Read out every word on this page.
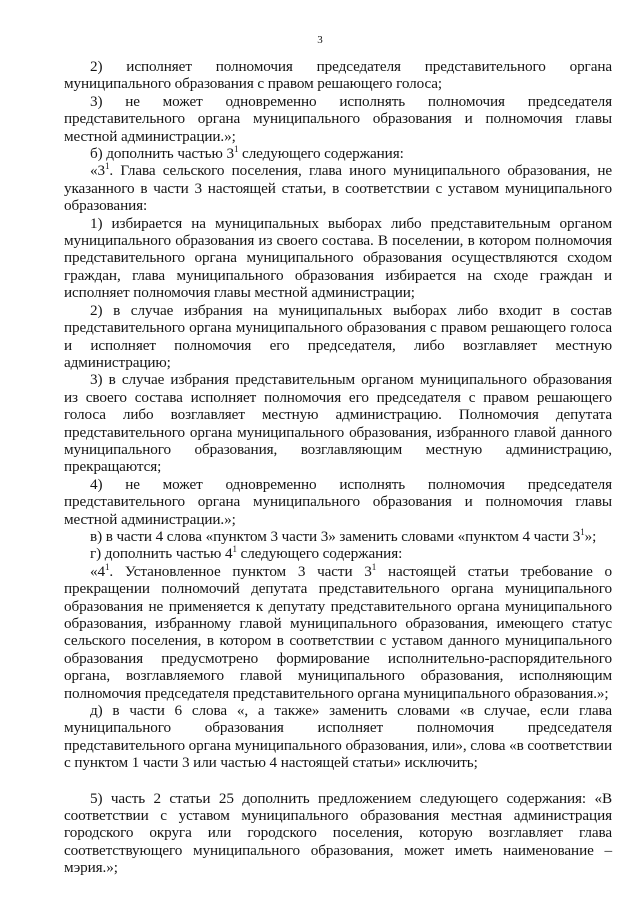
3

2) исполняет полномочия председателя представительного органа муниципального образования с правом решающего голоса;

3) не может одновременно исполнять полномочия председателя представительного органа муниципального образования и полномочия главы местной администрации.»;

б) дополнить частью $3^1$ следующего содержания:

«$3^1$. Глава сельского поселения, глава иного муниципального образования, не указанного в части 3 настоящей статьи, в соответствии с уставом муниципального образования:

1) избирается на муниципальных выборах либо представительным органом муниципального образования из своего состава. В поселении, в котором полномочия представительного органа муниципального образования осуществляются сходом граждан, глава муниципального образования избирается на сходе граждан и исполняет полномочия главы местной администрации;

2) в случае избрания на муниципальных выборах либо входит в состав представительного органа муниципального образования с правом решающего голоса и исполняет полномочия его председателя, либо возглавляет местную администрацию;

3) в случае избрания представительным органом муниципального образования из своего состава исполняет полномочия его председателя с правом решающего голоса либо возглавляет местную администрацию. Полномочия депутата представительного органа муниципального образования, избранного главой данного муниципального образования, возглавляющим местную администрацию, прекращаются;

4) не может одновременно исполнять полномочия председателя представительного органа муниципального образования и полномочия главы местной администрации.»;

в) в части 4 слова «пунктом 3 части 3» заменить словами «пунктом 4 части $3^1$»;

г) дополнить частью $4^1$ следующего содержания:

«$4^1$. Установленное пунктом 3 части $3^1$ настоящей статьи требование о прекращении полномочий депутата представительного органа муниципального образования не применяется к депутату представительного органа муниципального образования, избранному главой муниципального образования, имеющего статус сельского поселения, в котором в соответствии с уставом данного муниципального образования предусмотрено формирование исполнительно-распорядительного органа, возглавляемого главой муниципального образования, исполняющим полномочия председателя представительного органа муниципального образования.»;

д) в части 6 слова «, а также» заменить словами «в случае, если глава муниципального образования исполняет полномочия председателя представительного органа муниципального образования, или», слова «в соответствии с пунктом 1 части 3 или частью 4 настоящей статьи» исключить;

5) часть 2 статьи 25 дополнить предложением следующего содержания: «В соответствии с уставом муниципального образования местная администрация городского округа или городского поселения, которую возглавляет глава соответствующего муниципального образования, может иметь наименование – мэрия.»;
